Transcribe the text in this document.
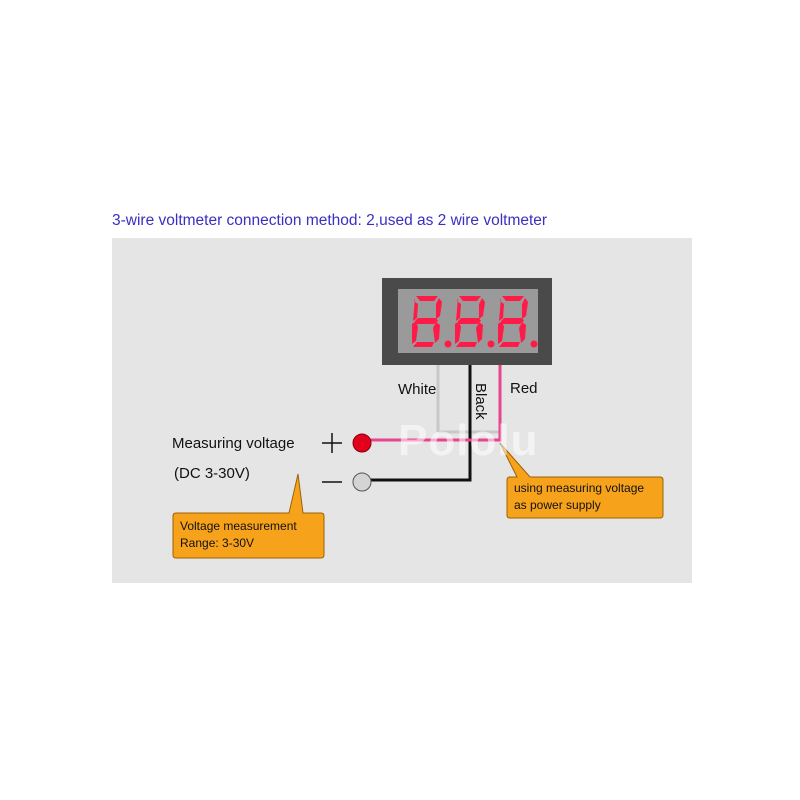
3-wire voltmeter connection method: 2,used as 2 wire voltmeter
Pololu
White	Red
Black
Measuring voltage
(DC 3-30V)
Voltage measurement
Range: 3-30V
using measuring voltage
as power supply
